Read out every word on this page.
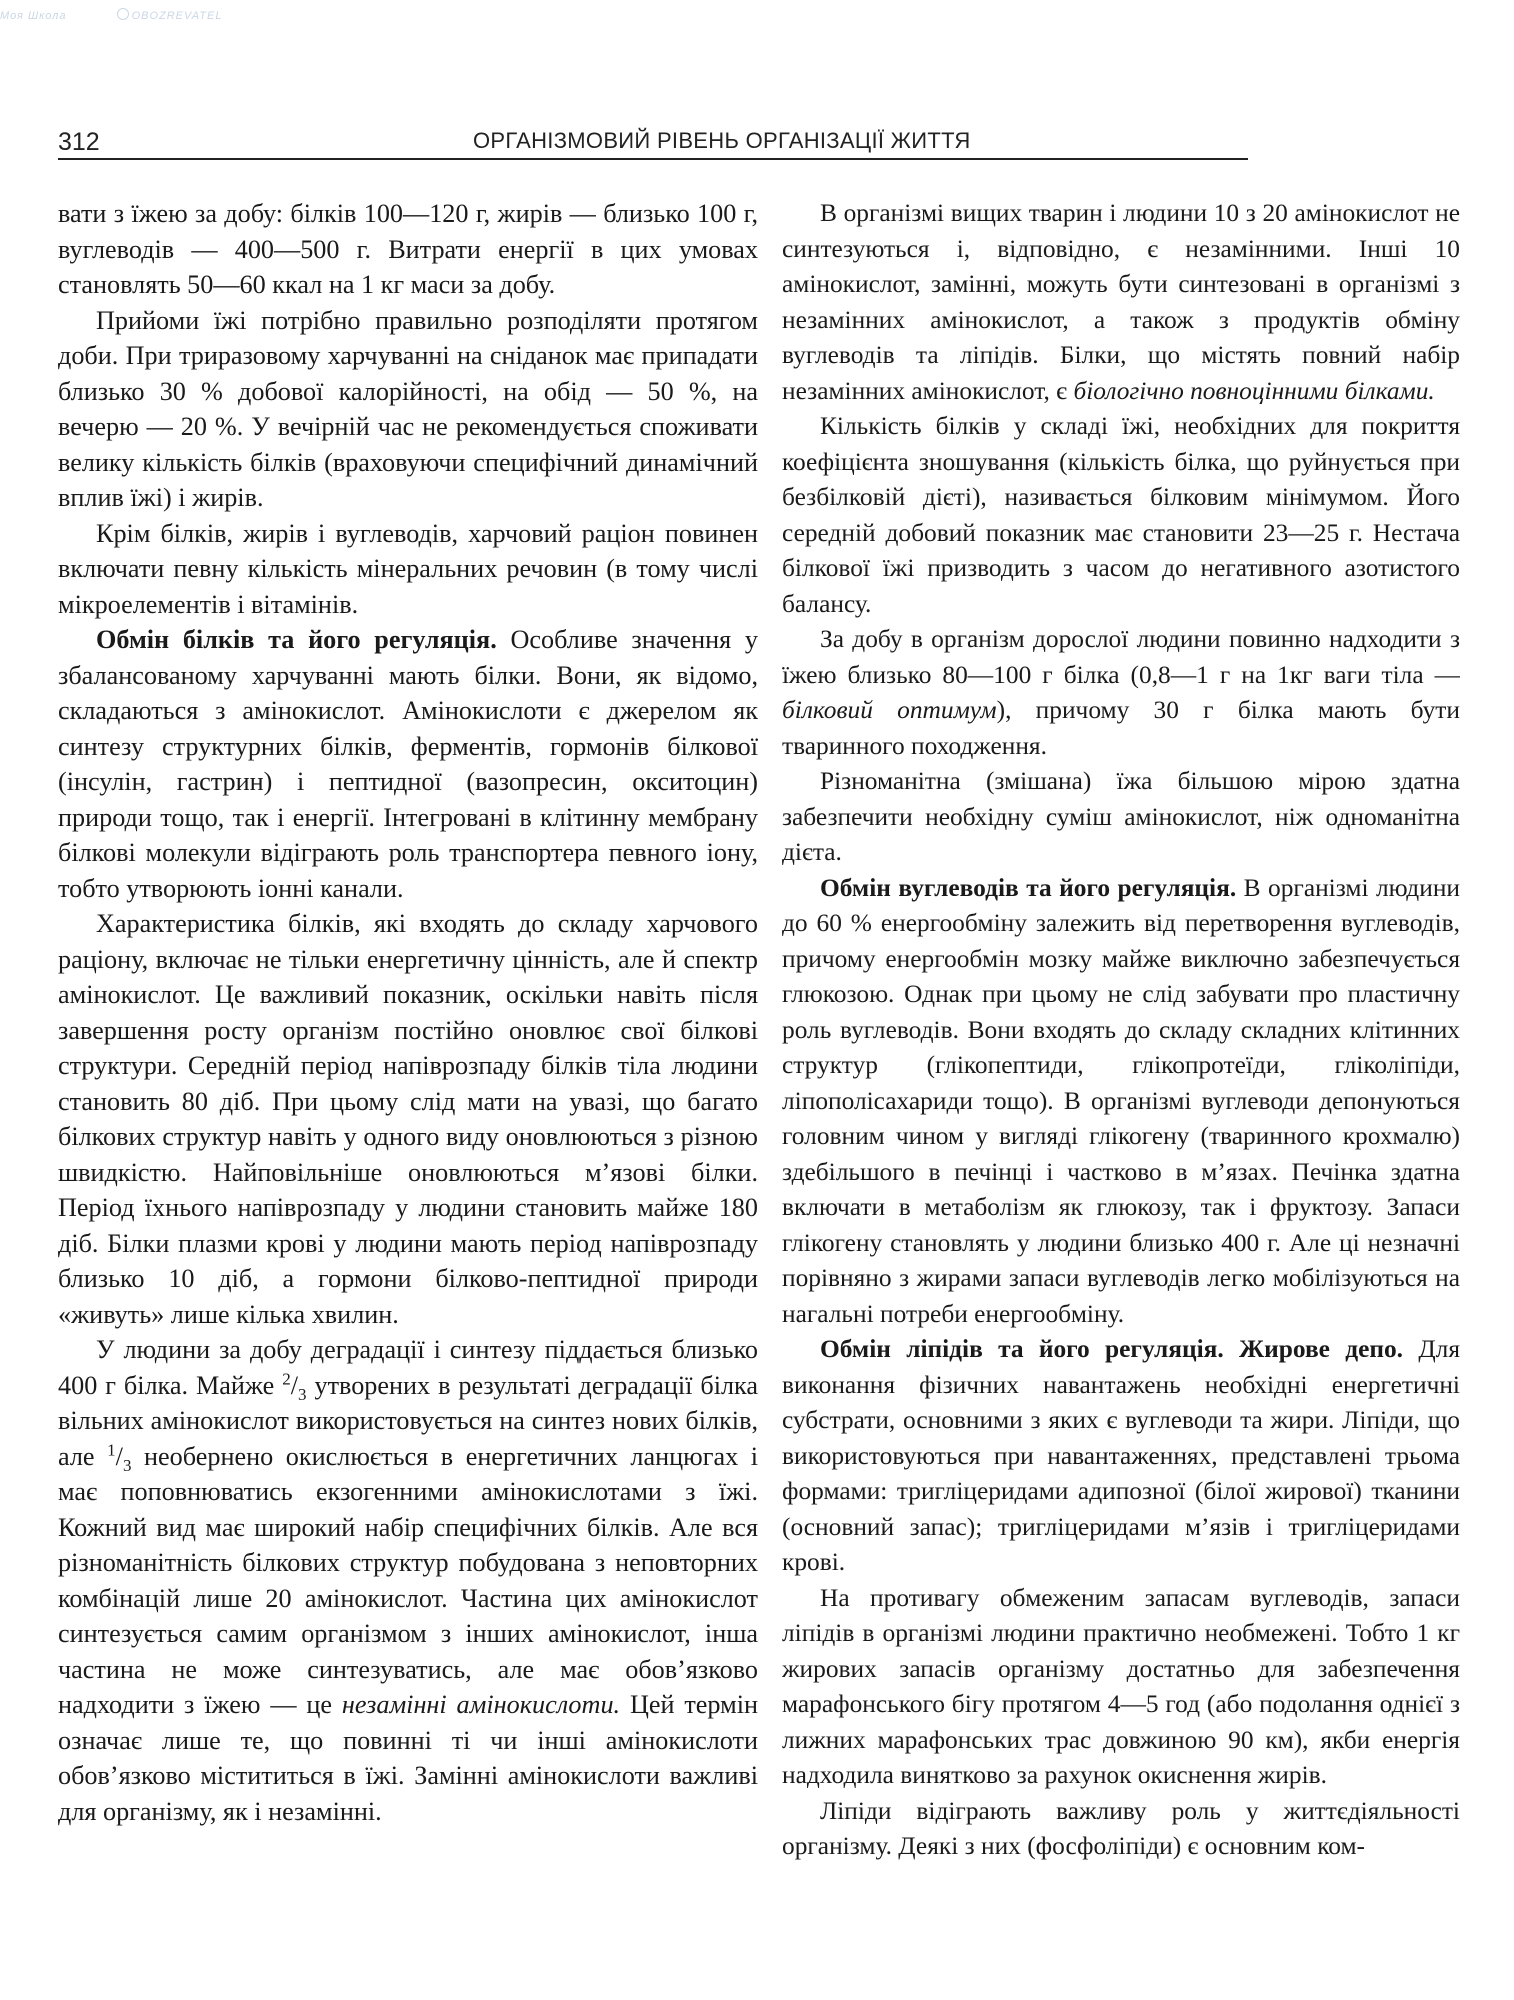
Моя Школа	OBOZREVATEL
312	ОРГАНІЗМОВИЙ РІВЕНЬ ОРГАНІЗАЦІЇ ЖИТТЯ

вати з їжею за добу: білків 100—120 г, жирів — близько 100 г, вуглеводів — 400—500 г. Витрати енергії в цих умовах становлять 50—60 ккал на 1 кг маси за добу.

Прийоми їжі потрібно правильно розподіляти протягом доби. При триразовому харчуванні на сніданок має припадати близько 30 % добової калорійності, на обід — 50 %, на вечерю — 20 %. У вечірній час не рекомендується споживати велику кількість білків (враховуючи специфічний динамічний вплив їжі) і жирів.

Крім білків, жирів і вуглеводів, харчовий раціон повинен включати певну кількість мінеральних речовин (в тому числі мікроелементів і вітамінів.

Обмін білків та його регуляція. Особливе значення у збалансованому харчуванні мають білки. Вони, як відомо, складаються з амінокислот. Амінокислоти є джерелом як синтезу структурних білків, ферментів, гормонів білкової (інсулін, гастрин) і пептидної (вазопресин, окситоцин) природи тощо, так і енергії. Інтегровані в клітинну мембрану білкові молекули відіграють роль транспортера певного іону, тобто утворюють іонні канали.

Характеристика білків, які входять до складу харчового раціону, включає не тільки енергетичну цінність, але й спектр амінокислот. Це важливий показник, оскільки навіть після завершення росту організм постійно оновлює свої білкові структури. Середній період напіврозпаду білків тіла людини становить 80 діб. При цьому слід мати на увазі, що багато білкових структур навіть у одного виду оновлюються з різною швидкістю. Найповільніше оновлюються м’язові білки. Період їхнього напіврозпаду у людини становить майже 180 діб. Білки плазми крові у людини мають період напіврозпаду близько 10 діб, а гормони білково-пептидної природи «живуть» лише кілька хвилин.

У людини за добу деградації і синтезу піддається близько 400 г білка. Майже $^2/_3$ утворених в результаті деградації білка вільних амінокислот використовується на синтез нових білків, але $^1/_3$ необернено окислюється в енергетичних ланцюгах і має поповнюватись екзогенними амінокислотами з їжі. Кожний вид має широкий набір специфічних білків. Але вся різноманітність білкових структур побудована з неповторних комбінацій лише 20 амінокислот. Частина цих амінокислот синтезується самим організмом з інших амінокислот, інша частина не може синтезуватись, але має обов’язково надходити з їжею — це незамінні амінокислоти. Цей термін означає лише те, що повинні ті чи інші амінокислоти обов’язково містититься в їжі. Замінні амінокислоти важливі для організму, як і незамінні.

В організмі вищих тварин і людини 10 з 20 амінокислот не синтезуються і, відповідно, є незамінними. Інші 10 амінокислот, замінні, можуть бути синтезовані в організмі з незамінних амінокислот, а також з продуктів обміну вуглеводів та ліпідів. Білки, що містять повний набір незамінних амінокислот, є біологічно повноцінними білками.

Кількість білків у складі їжі, необхідних для покриття коефіцієнта зношування (кількість білка, що руйнується при безбілковій дієті), називається білковим мінімумом. Його середній добовий показник має становити 23—25 г. Нестача білкової їжі призводить з часом до негативного азотистого балансу.

За добу в організм дорослої людини повинно надходити з їжею близько 80—100 г білка (0,8—1 г на 1кг ваги тіла — білковий оптимум), причому 30 г білка мають бути тваринного походження.

Різноманітна (змішана) їжа більшою мірою здатна забезпечити необхідну суміш амінокислот, ніж одноманітна дієта.

Обмін вуглеводів та його регуляція. В організмі людини до 60 % енергообміну залежить від перетворення вуглеводів, причому енергообмін мозку майже виключно забезпечується глюкозою. Однак при цьому не слід забувати про пластичну роль вуглеводів. Вони входять до складу складних клітинних структур (глікопептиди, глікопротеїди, гліколіпіди, ліпополісахариди тощо). В організмі вуглеводи депонуються головним чином у вигляді глікогену (тваринного крохмалю) здебільшого в печінці і частково в м’язах. Печінка здатна включати в метаболізм як глюкозу, так і фруктозу. Запаси глікогену становлять у людини близько 400 г. Але ці незначні порівняно з жирами запаси вуглеводів легко мобілізуються на нагальні потреби енергообміну.

Обмін ліпідів та його регуляція. Жирове депо. Для виконання фізичних навантажень необхідні енергетичні субстрати, основними з яких є вуглеводи та жири. Ліпіди, що використовуються при навантаженнях, представлені трьома формами: тригліцеридами адипозної (білої жирової) тканини (основний запас); тригліцеридами м’язів і тригліцеридами крові.

На противагу обмеженим запасам вуглеводів, запаси ліпідів в організмі людини практично необмежені. Тобто 1 кг жирових запасів організму достатньо для забезпечення марафонського бігу протягом 4—5 год (або подолання однієї з лижних марафонських трас довжиною 90 км), якби енергія надходила винятково за рахунок окиснення жирів.

Ліпіди відіграють важливу роль у життєдіяльності організму. Деякі з них (фосфоліпіди) є основним ком-
